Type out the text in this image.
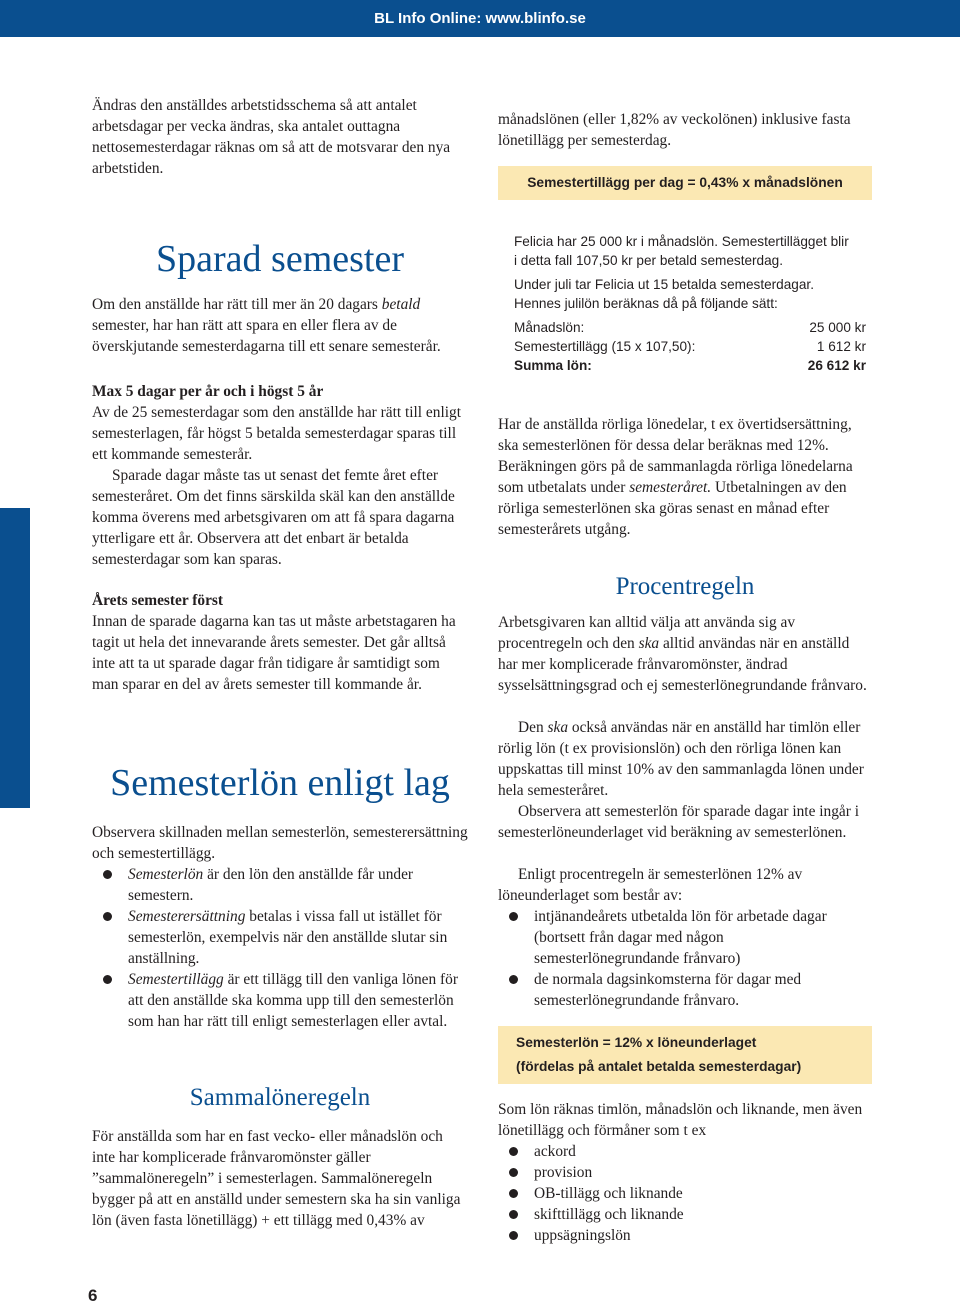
BL Info Online: www.blinfo.se

Ändras den anställdes arbetstidsschema så att antalet arbetsdagar per vecka ändras, ska antalet outtagna nettosemesterdagar räknas om så att de motsvarar den nya arbetstiden.

Sparad semester

Om den anställde har rätt till mer än 20 dagars betald semester, har han rätt att spara en eller flera av de överskjutande semesterdagarna till ett senare semesterår.

Max 5 dagar per år och i högst 5 år

Av de 25 semesterdagar som den anställde har rätt till enligt semesterlagen, får högst 5 betalda semesterdagar sparas till ett kommande semesterår.

Sparade dagar måste tas ut senast det femte året efter semesteråret. Om det finns särskilda skäl kan den anställde komma överens med arbetsgivaren om att få spara dagarna ytterligare ett år. Observera att det enbart är betalda semesterdagar som kan sparas.

Årets semester först

Innan de sparade dagarna kan tas ut måste arbetstagaren ha tagit ut hela det innevarande årets semester. Det går alltså inte att ta ut sparade dagar från tidigare år samtidigt som man sparar en del av årets semester till kommande år.

Semesterlön enligt lag

Observera skillnaden mellan semesterlön, semesterersättning och semestertillägg.

Semesterlön är den lön den anställde får under semestern.
Semesterersättning betalas i vissa fall ut istället för semesterlön, exempelvis när den anställde slutar sin anställning.
Semestertillägg är ett tillägg till den vanliga lönen för att den anställde ska komma upp till den semesterlön som han har rätt till enligt semesterlagen eller avtal.
Sammalöneregeln

För anställda som har en fast vecko- eller månadslön och inte har komplicerade frånvaromönster gäller ”sammalöneregeln” i semesterlagen. Sammalöneregeln bygger på att en anställd under semestern ska ha sin vanliga lön (även fasta lönetillägg) + ett tillägg med 0,43% av

månadslönen (eller 1,82% av veckolönen) inklusive fasta lönetillägg per semesterdag.

Semestertillägg per dag = 0,43% x månadslönen

Felicia har 25 000 kr i månadslön. Semestertillägget blir i detta fall 107,50 kr per betald semesterdag.

Under juli tar Felicia ut 15 betalda semesterdagar. Hennes julilön beräknas då på följande sätt:

Månadslön:	25 000 kr
Semestertillägg (15 x 107,50):	1 612 kr
Summa lön:	26 612 kr

Har de anställda rörliga lönedelar, t ex övertidsersättning, ska semesterlönen för dessa delar beräknas med 12%. Beräkningen görs på de sammanlagda rörliga lönedelarna som utbetalats under semesteråret. Utbetalningen av den rörliga semesterlönen ska göras senast en månad efter semesterårets utgång.

Procentregeln

Arbetsgivaren kan alltid välja att använda sig av procentregeln och den ska alltid användas när en anställd har mer komplicerade frånvaromönster, ändrad sysselsättningsgrad och ej semesterlönegrundande frånvaro.

Den ska också användas när en anställd har timlön eller rörlig lön (t ex provisionslön) och den rörliga lönen kan uppskattas till minst 10% av den sammanlagda lönen under hela semesteråret.

Observera att semesterlön för sparade dagar inte ingår i semesterlöneunderlaget vid beräkning av semesterlönen.

Enligt procentregeln är semesterlönen 12% av löneunderlaget som består av:

intjänandeårets utbetalda lön för arbetade dagar (bortsett från dagar med någon semesterlönegrundande frånvaro)
de normala dagsinkomsterna för dagar med semesterlönegrundande frånvaro.
Semesterlön = 12% x löneunderlaget
(fördelas på antalet betalda semesterdagar)

Som lön räknas timlön, månadslön och liknande, men även lönetillägg och förmåner som t ex

ackord
provision
OB-tillägg och liknande
skifttillägg och liknande
uppsägningslön
6
